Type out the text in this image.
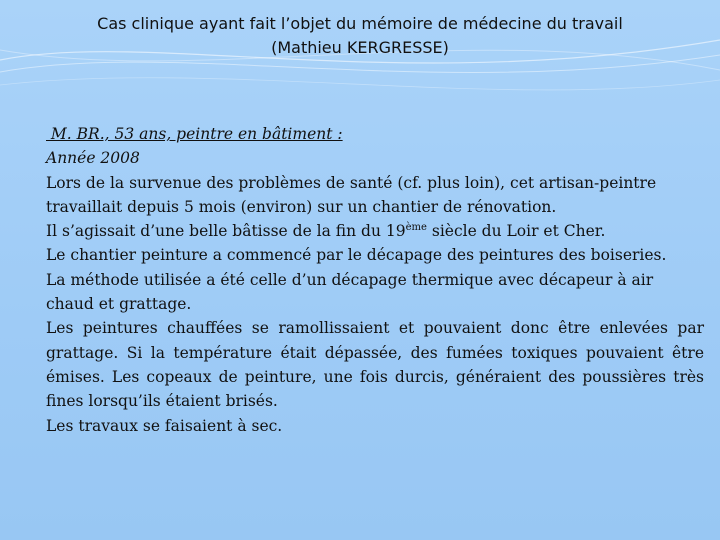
Cas clinique ayant fait l’objet du mémoire de médecine du travail
(Mathieu KERGRESSE)

M. BR., 53 ans, peintre en bâtiment :

Année 2008

Lors de la survenue des problèmes de santé (cf. plus loin), cet artisan-peintre travaillait depuis 5 mois (environ) sur un chantier de rénovation.

Il s’agissait d’une belle bâtisse de la fin du 19ème siècle du Loir et Cher.

Le chantier peinture a commencé par le décapage des peintures des boiseries.

La méthode utilisée a été celle d’un décapage thermique avec décapeur à air chaud et grattage.

Les peintures chauffées se ramollissaient et pouvaient donc être enlevées par grattage. Si la température était dépassée, des fumées toxiques pouvaient être émises. Les copeaux de peinture, une fois durcis, généraient des poussières très fines lorsqu’ils étaient brisés.

Les travaux se faisaient à sec.
